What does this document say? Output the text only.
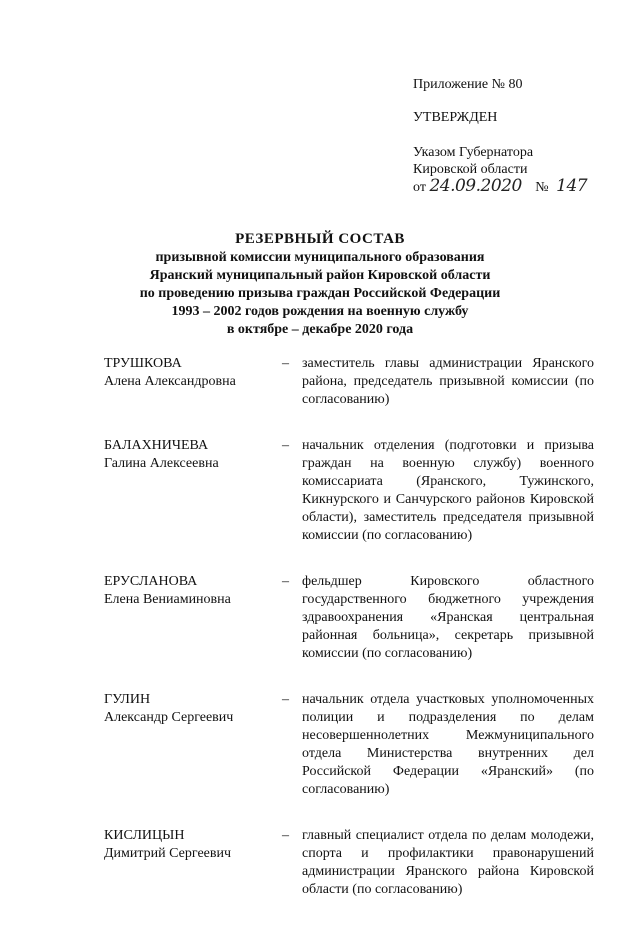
Приложение № 80
УТВЕРЖДЕН
Указом Губернатора
Кировской области
от 24.09.2020 № 147
РЕЗЕРВНЫЙ СОСТАВ
призывной комиссии муниципального образования
Яранский муниципальный район Кировской области
по проведению призыва граждан Российской Федерации
1993 – 2002 годов рождения на военную службу
в октябре – декабре 2020 года
ТРУШКОВА
Алена Александровна
– заместитель главы администрации Яранского района, председатель призывной комиссии (по согласованию)
БАЛАХНИЧЕВА
Галина Алексеевна
– начальник отделения (подготовки и призыва граждан на военную службу) военного комиссариата (Яранского, Тужинского, Кикнурского и Санчурского районов Кировской области), заместитель председателя призывной комиссии (по согласованию)
ЕРУСЛАНОВА
Елена Вениаминовна
– фельдшер Кировского областного государственного бюджетного учреждения здравоохранения «Яранская центральная районная больница», секретарь призывной комиссии (по согласованию)
ГУЛИН
Александр Сергеевич
– начальник отдела участковых уполномоченных полиции и подразделения по делам несовершеннолетних Межмуниципального отдела Министерства внутренних дел Российской Федерации «Яранский» (по согласованию)
КИСЛИЦЫН
Димитрий Сергеевич
– главный специалист отдела по делам молодежи, спорта и профилактики правонарушений администрации Яранского района Кировской области (по согласованию)
